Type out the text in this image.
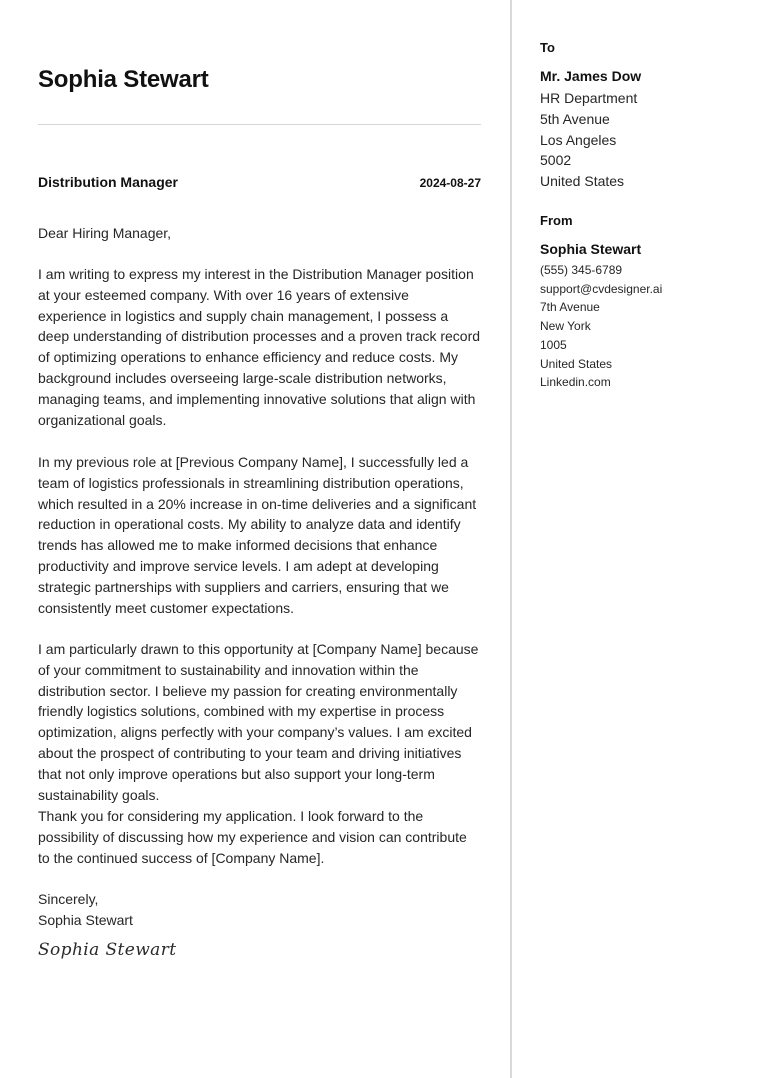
Sophia Stewart
Distribution Manager	2024-08-27

Dear Hiring Manager,

I am writing to express my interest in the Distribution Manager position at your esteemed company. With over 16 years of extensive experience in logistics and supply chain management, I possess a deep understanding of distribution processes and a proven track record of optimizing operations to enhance efficiency and reduce costs. My background includes overseeing large-scale distribution networks, managing teams, and implementing innovative solutions that align with organizational goals.

In my previous role at [Previous Company Name], I successfully led a team of logistics professionals in streamlining distribution operations, which resulted in a 20% increase in on-time deliveries and a significant reduction in operational costs. My ability to analyze data and identify trends has allowed me to make informed decisions that enhance productivity and improve service levels. I am adept at developing strategic partnerships with suppliers and carriers, ensuring that we consistently meet customer expectations.

I am particularly drawn to this opportunity at [Company Name] because of your commitment to sustainability and innovation within the distribution sector. I believe my passion for creating environmentally friendly logistics solutions, combined with my expertise in process optimization, aligns perfectly with your company’s values. I am excited about the prospect of contributing to your team and driving initiatives that not only improve operations but also support your long-term sustainability goals.

Thank you for considering my application. I look forward to the possibility of discussing how my experience and vision can contribute to the continued success of [Company Name].

Sincerely,

Sophia Stewart

Sophia Stewart
To
Mr. James Dow
HR Department
5th Avenue
Los Angeles
5002
United States
From
Sophia Stewart
(555) 345-6789
support@cvdesigner.ai
7th Avenue
New York
1005
United States
Linkedin.com
